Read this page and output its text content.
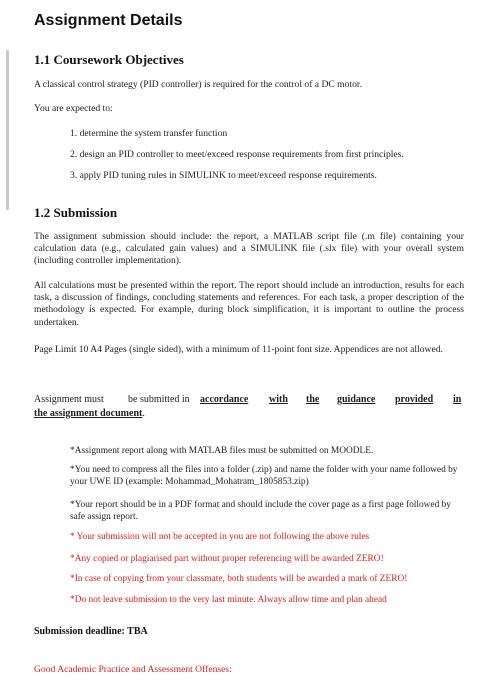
Assignment Details
1.1 Coursework Objectives
A classical control strategy (PID controller) is required for the control of a DC motor.
You are expected to:
1. determine the system transfer function
2. design an PID controller to meet/exceed response requirements from first principles.
3. apply PID tuning rules in SIMULINK to meet/exceed response requirements.
1.2 Submission
The assignment submission should include: the report, a MATLAB script file (.m file) containing your calculation data (e.g., calculated gain values) and a SIMULINK file (.slx file) with your overall system (including controller implementation).
All calculations must be presented within the report. The report should include an introduction, results for each task, a discussion of findings, concluding statements and references. For each task, a proper description of the methodology is expected. For example, during block simplification, it is important to outline the process undertaken.
Page Limit 10 A4 Pages (single sided), with a minimum of 11-point font size. Appendices are not allowed.
Assignment must be submitted in accordance with the guidance provided in
the assignment document.
*Assignment report along with MATLAB files must be submitted on MOODLE.
*You need to compress all the files into a folder (.zip) and name the folder with your name followed by your UWE ID (example: Mohammad_Mohatram_1805853.zip)
*Your report should be in a PDF format and should include the cover page as a first page followed by safe assign report.
* Your submission will not be accepted in you are not following the above rules
*Any copied or plagiarised part without proper referencing will be awarded ZERO!
*In case of copying from your classmate, both students will be awarded a mark of ZERO!
*Do not leave submission to the very last minute. Always allow time and plan ahead
Submission deadline: TBA
Good Academic Practice and Assessment Offenses:
